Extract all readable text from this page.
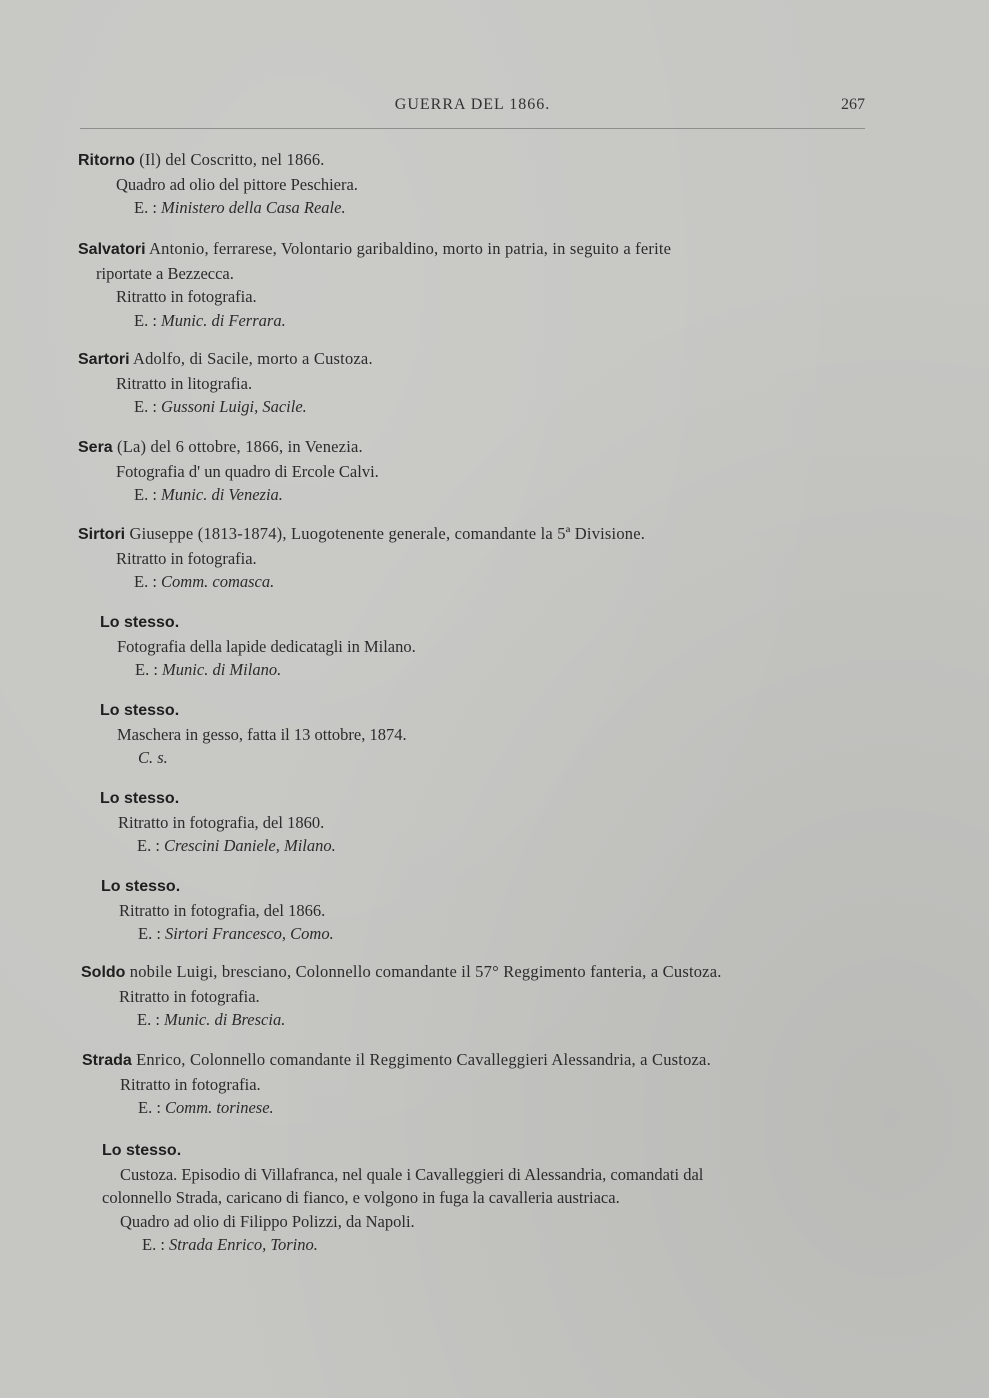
GUERRA DEL 1866.	267
Ritorno (Il) del Coscritto, nel 1866.
Quadro ad olio del pittore Peschiera.
E. : Ministero della Casa Reale.
Salvatori Antonio, ferrarese, Volontario garibaldino, morto in patria, in seguito a ferite
riportate a Bezzecca.
Ritratto in fotografia.
E. : Munic. di Ferrara.
Sartori Adolfo, di Sacile, morto a Custoza.
Ritratto in litografia.
E. : Gussoni Luigi, Sacile.
Sera (La) del 6 ottobre, 1866, in Venezia.
Fotografia d' un quadro di Ercole Calvi.
E. : Munic. di Venezia.
Sirtori Giuseppe (1813-1874), Luogotenente generale, comandante la 5ª Divisione.
Ritratto in fotografia.
E. : Comm. comasca.
Lo stesso.
Fotografia della lapide dedicatagli in Milano.
E. : Munic. di Milano.
Lo stesso.
Maschera in gesso, fatta il 13 ottobre, 1874.
C. s.
Lo stesso.
Ritratto in fotografia, del 1860.
E. : Crescini Daniele, Milano.
Lo stesso.
Ritratto in fotografia, del 1866.
E. : Sirtori Francesco, Como.
Soldo nobile Luigi, bresciano, Colonnello comandante il 57° Reggimento fanteria, a Custoza.
Ritratto in fotografia.
E. : Munic. di Brescia.
Strada Enrico, Colonnello comandante il Reggimento Cavalleggieri Alessandria, a Custoza.
Ritratto in fotografia.
E. : Comm. torinese.
Lo stesso.
Custoza. Episodio di Villafranca, nel quale i Cavalleggieri di Alessandria, comandati dal
colonnello Strada, caricano di fianco, e volgono in fuga la cavalleria austriaca.
Quadro ad olio di Filippo Polizzi, da Napoli.
E. : Strada Enrico, Torino.
